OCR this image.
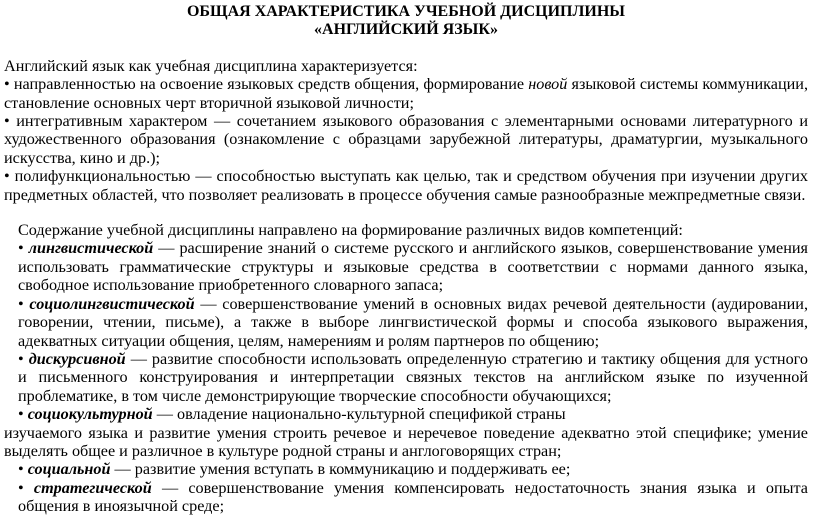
ОБЩАЯ ХАРАКТЕРИСТИКА УЧЕБНОЙ ДИСЦИПЛИНЫ
«АНГЛИЙСКИЙ ЯЗЫК»

Английский язык как учебная дисциплина характеризуется:

• направленностью на освоение языковых средств общения, формирование новой языковой системы коммуникации, становление основных черт вторичной языковой личности;

• интегративным характером — сочетанием языкового образования с элементарными основами литературного и художественного образования (ознакомление с образцами зарубежной литературы, драматургии, музыкального искусства, кино и др.);

• полифункциональностью — способностью выступать как целью, так и средством обучения при изучении других предметных областей, что позволяет реализовать в процессе обучения самые разнообразные межпредметные связи.

Содержание учебной дисциплины направлено на формирование различных видов компетенций:

• лингвистической — расширение знаний о системе русского и английского языков, совершенствование умения использовать грамматические структуры и языковые средства в соответствии с нормами данного языка, свободное использование приобретенного словарного запаса;

• социолингвистической — совершенствование умений в основных видах речевой деятельности (аудировании, говорении, чтении, письме), а также в выборе лингвистической формы и способа языкового выражения, адекватных ситуации общения, целям, намерениям и ролям партнеров по общению;

• дискурсивной — развитие способности использовать определенную стратегию и тактику общения для устного и письменного конструирования и интерпретации связных текстов на английском языке по изученной проблематике, в том числе демонстрирующие творческие способности обучающихся;

• социокультурной — овладение национально-культурной спецификой страны

изучаемого языка и развитие умения строить речевое и неречевое поведение адекватно этой специфике; умение выделять общее и различное в культуре родной страны и англоговорящих стран;

• социальной — развитие умения вступать в коммуникацию и поддерживать ее;

• стратегической — совершенствование умения компенсировать недостаточность знания языка и опыта общения в иноязычной среде;
